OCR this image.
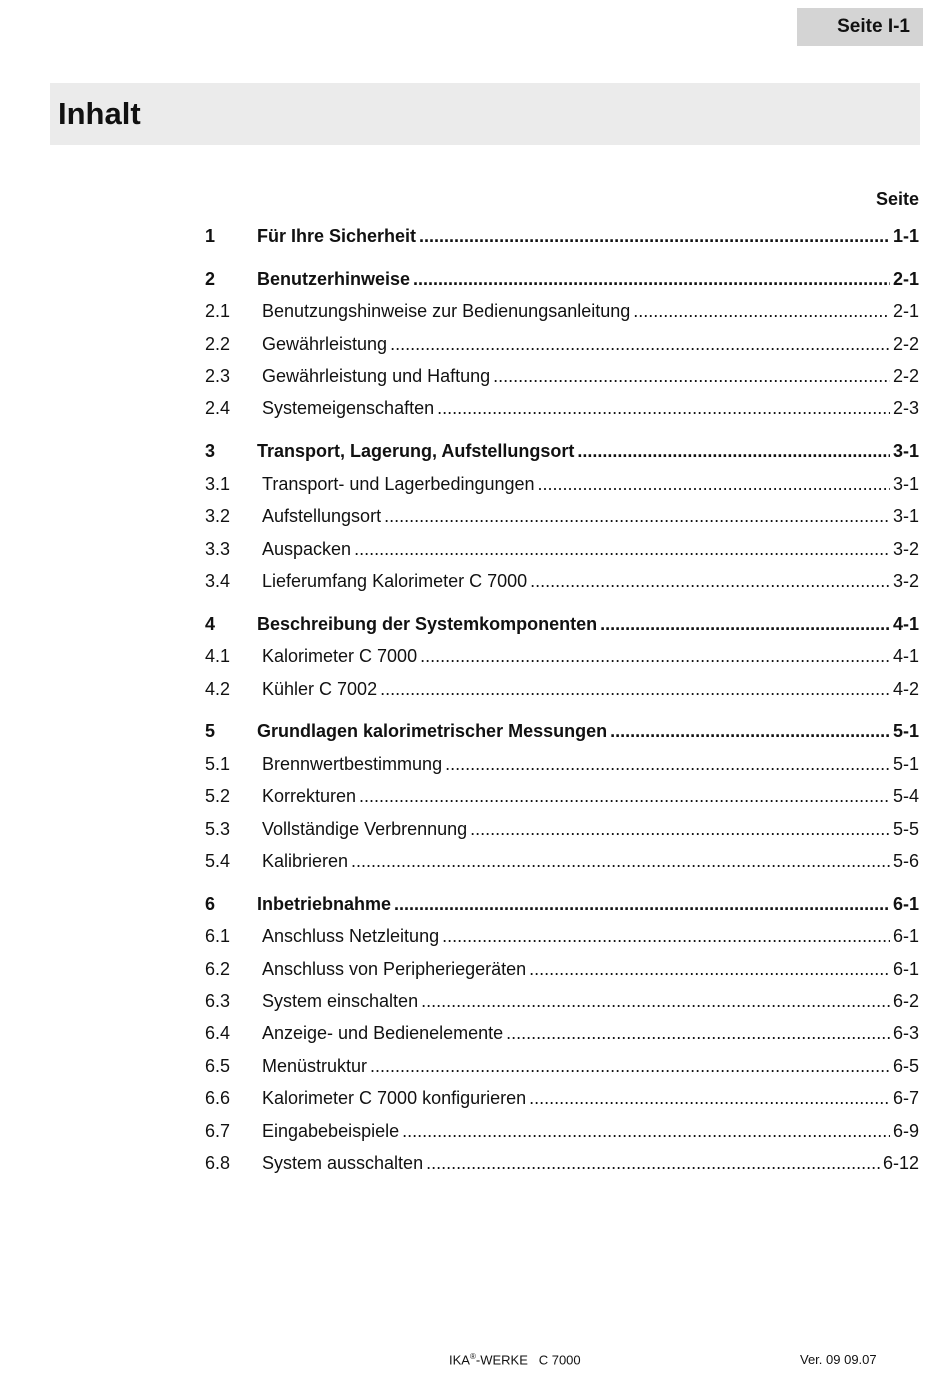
Seite I-1
Inhalt
Seite
1	Für Ihre Sicherheit .....	1-1
2	Benutzerhinweise .....	2-1
2.1	Benutzungshinweise zur Bedienungsanleitung .....	2-1
2.2	Gewährleistung .....	2-2
2.3	Gewährleistung und Haftung .....	2-2
2.4	Systemeigenschaften .....	2-3
3	Transport, Lagerung, Aufstellungsort .....	3-1
3.1	Transport- und Lagerbedingungen .....	3-1
3.2	Aufstellungsort .....	3-1
3.3	Auspacken .....	3-2
3.4	Lieferumfang Kalorimeter C 7000 .....	3-2
4	Beschreibung der Systemkomponenten .....	4-1
4.1	Kalorimeter C 7000 .....	4-1
4.2	Kühler C 7002 .....	4-2
5	Grundlagen kalorimetrischer Messungen .....	5-1
5.1	Brennwertbestimmung .....	5-1
5.2	Korrekturen .....	5-4
5.3	Vollständige Verbrennung .....	5-5
5.4	Kalibrieren .....	5-6
6	Inbetriebnahme .....	6-1
6.1	Anschluss Netzleitung .....	6-1
6.2	Anschluss von Peripheriegeräten .....	6-1
6.3	System einschalten .....	6-2
6.4	Anzeige- und Bedienelemente .....	6-3
6.5	Menüstruktur .....	6-5
6.6	Kalorimeter C 7000 konfigurieren .....	6-7
6.7	Eingabebeispiele .....	6-9
6.8	System ausschalten .....	6-12
IKA®-WERKE C 7000	Ver. 09 09.07
